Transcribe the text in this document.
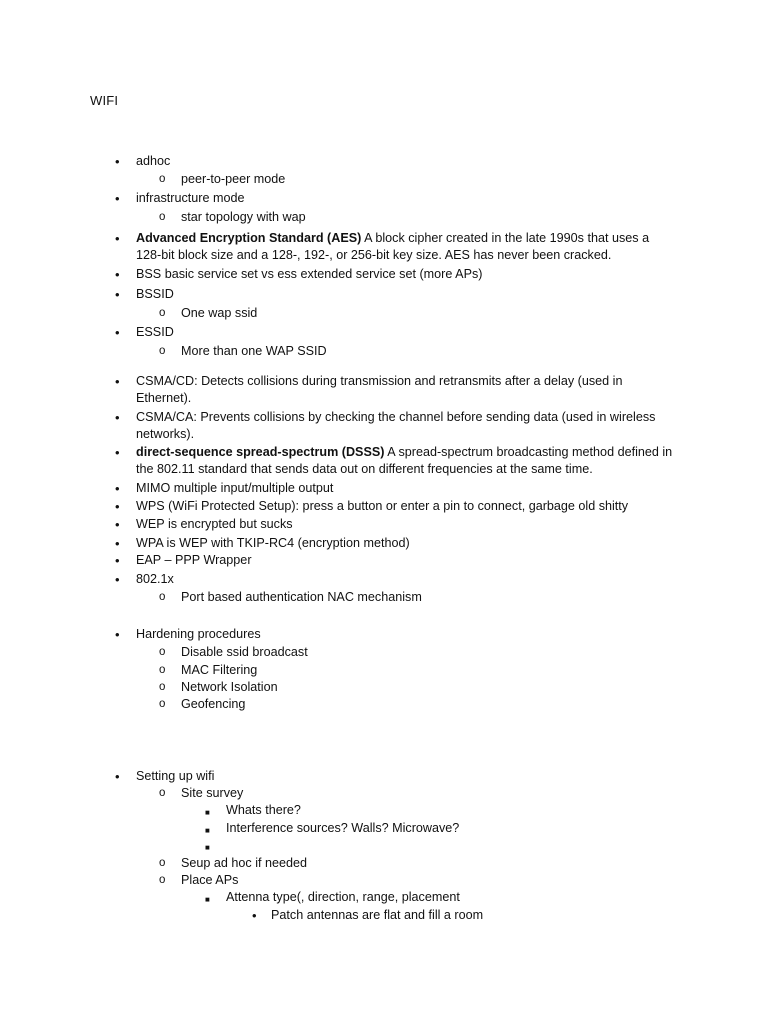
WIFI
• adhoc
o peer-to-peer mode
• infrastructure mode
o star topology with wap
• Advanced Encryption Standard (AES) A block cipher created in the late 1990s that uses a 128-bit block size and a 128-, 192-, or 256-bit key size. AES has never been cracked.
• BSS basic service set vs ess extended service set (more APs)
• BSSID
o One wap ssid
• ESSID
o More than one WAP SSID
• CSMA/CD: Detects collisions during transmission and retransmits after a delay (used in Ethernet).
• CSMA/CA: Prevents collisions by checking the channel before sending data (used in wireless networks).
• direct-sequence spread-spectrum (DSSS) A spread-spectrum broadcasting method defined in the 802.11 standard that sends data out on different frequencies at the same time.
• MIMO multiple input/multiple output
• WPS (WiFi Protected Setup): press a button or enter a pin to connect, garbage old shitty
• WEP is encrypted but sucks
• WPA is WEP with TKIP-RC4 (encryption method)
• EAP – PPP Wrapper
• 802.1x
o Port based authentication NAC mechanism
• Hardening procedures
o Disable ssid broadcast
o MAC Filtering
o Network Isolation
o Geofencing
• Setting up wifi
o Site survey
■ Whats there?
■ Interference sources? Walls? Microwave?
■
o Seup ad hoc if needed
o Place APs
■ Attenna type(, direction, range, placement
• Patch antennas are flat and fill a room
